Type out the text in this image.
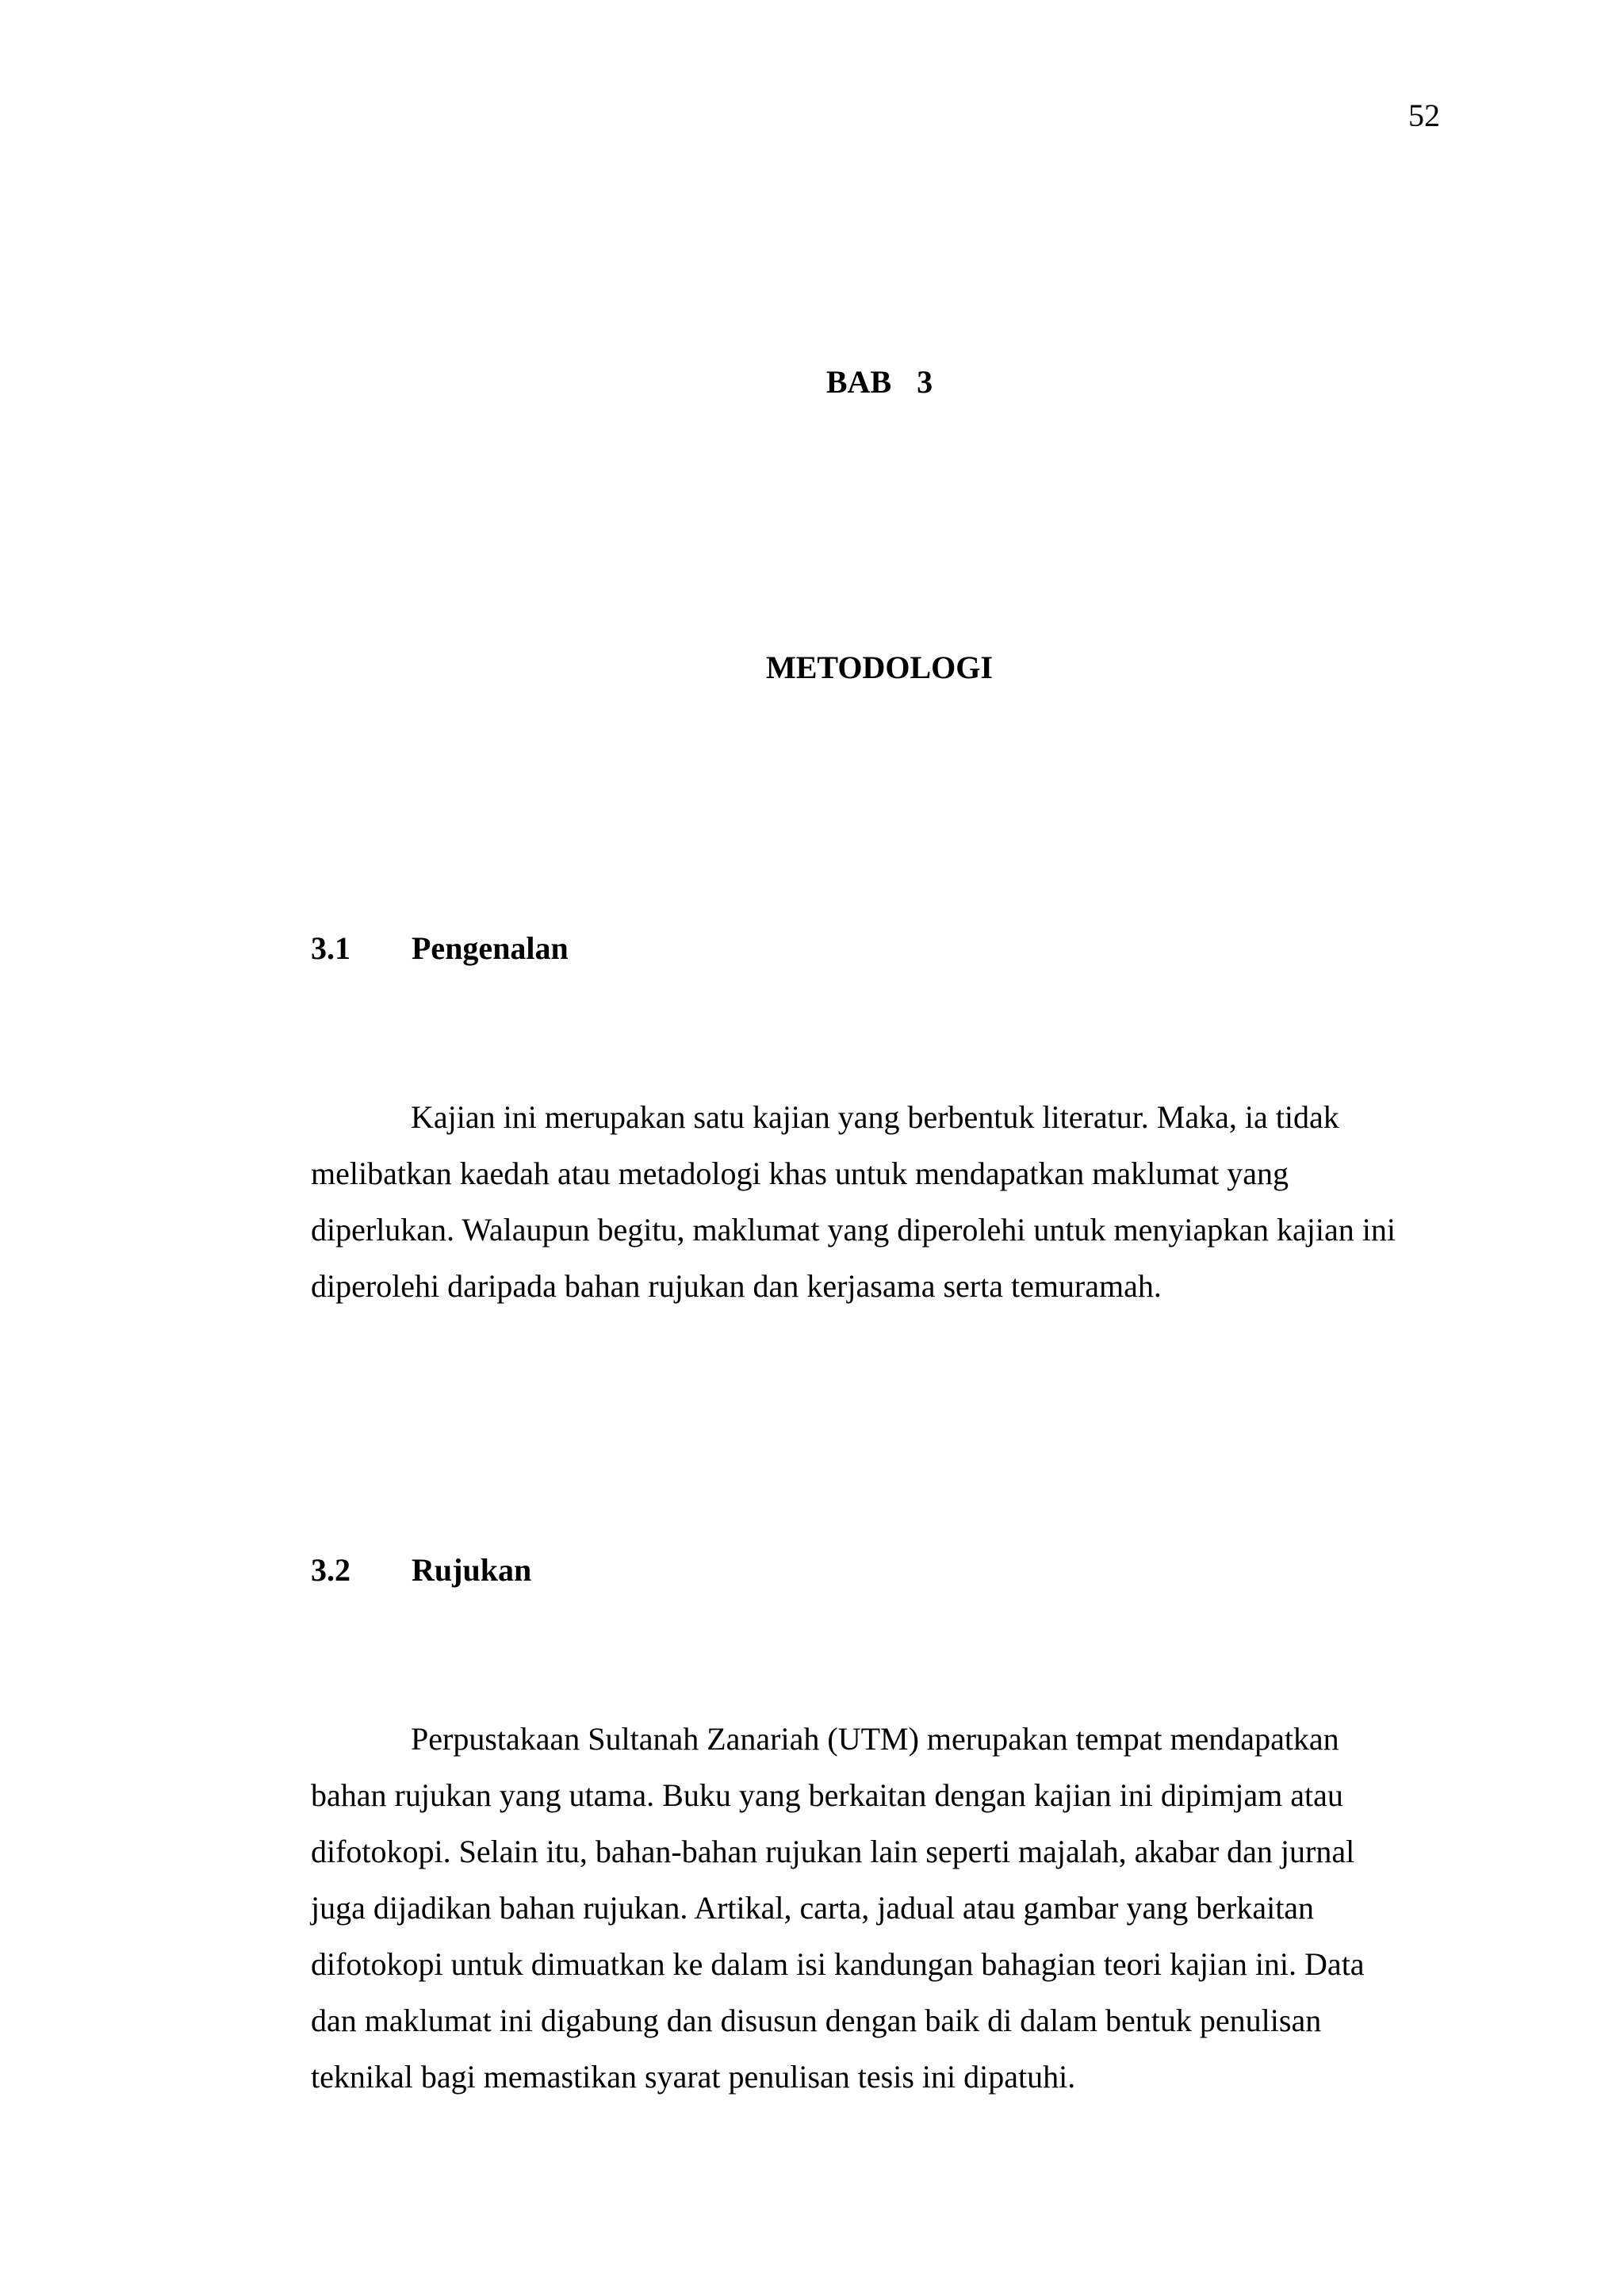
52
BAB 3
METODOLOGI
3.1 Pengenalan

Kajian ini merupakan satu kajian yang berbentuk literatur. Maka, ia tidak melibatkan kaedah atau metadologi khas untuk mendapatkan maklumat yang diperlukan. Walaupun begitu, maklumat yang diperolehi untuk menyiapkan kajian ini diperolehi daripada bahan rujukan dan kerjasama serta temuramah.

3.2 Rujukan

Perpustakaan Sultanah Zanariah (UTM) merupakan tempat mendapatkan bahan rujukan yang utama. Buku yang berkaitan dengan kajian ini dipimjam atau difotokopi. Selain itu, bahan-bahan rujukan lain seperti majalah, akabar dan jurnal juga dijadikan bahan rujukan. Artikal, carta, jadual atau gambar yang berkaitan difotokopi untuk dimuatkan ke dalam isi kandungan bahagian teori kajian ini. Data dan maklumat ini digabung dan disusun dengan baik di dalam bentuk penulisan teknikal bagi memastikan syarat penulisan tesis ini dipatuhi.
